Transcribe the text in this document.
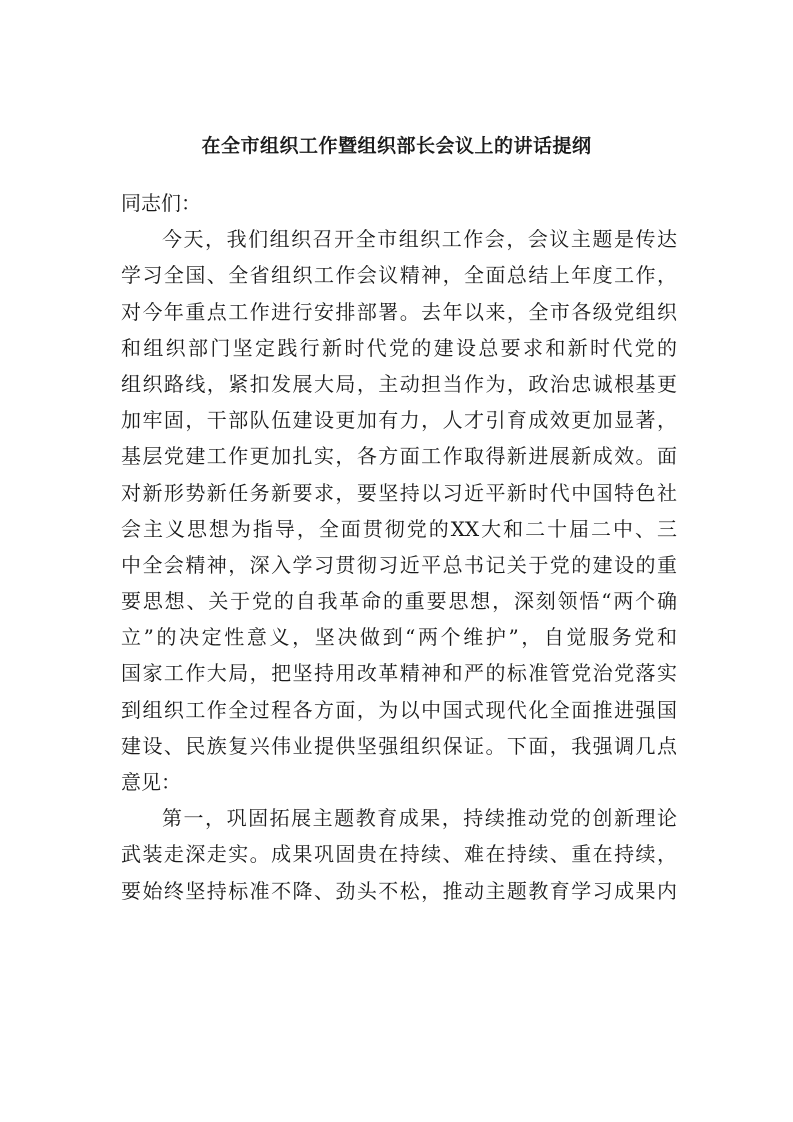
在全市组织工作暨组织部长会议上的讲话提纲
同志们：
今天，我们组织召开全市组织工作会，会议主题是传达
学习全国、全省组织工作会议精神，全面总结上年度工作，
对今年重点工作进行安排部署。去年以来，全市各级党组织
和组织部门坚定践行新时代党的建设总要求和新时代党的
组织路线，紧扣发展大局，主动担当作为，政治忠诚根基更
加牢固，干部队伍建设更加有力，人才引育成效更加显著，
基层党建工作更加扎实，各方面工作取得新进展新成效。面
对新形势新任务新要求，要坚持以习近平新时代中国特色社
会主义思想为指导，全面贯彻党的XX大和二十届二中、三
中全会精神，深入学习贯彻习近平总书记关于党的建设的重
要思想、关于党的自我革命的重要思想，深刻领悟“两个确
立”的决定性意义，坚决做到“两个维护”，自觉服务党和
国家工作大局，把坚持用改革精神和严的标准管党治党落实
到组织工作全过程各方面，为以中国式现代化全面推进强国
建设、民族复兴伟业提供坚强组织保证。下面，我强调几点
意见：
第一，巩固拓展主题教育成果，持续推动党的创新理论
武装走深走实。成果巩固贵在持续、难在持续、重在持续，
要始终坚持标准不降、劲头不松，推动主题教育学习成果内
